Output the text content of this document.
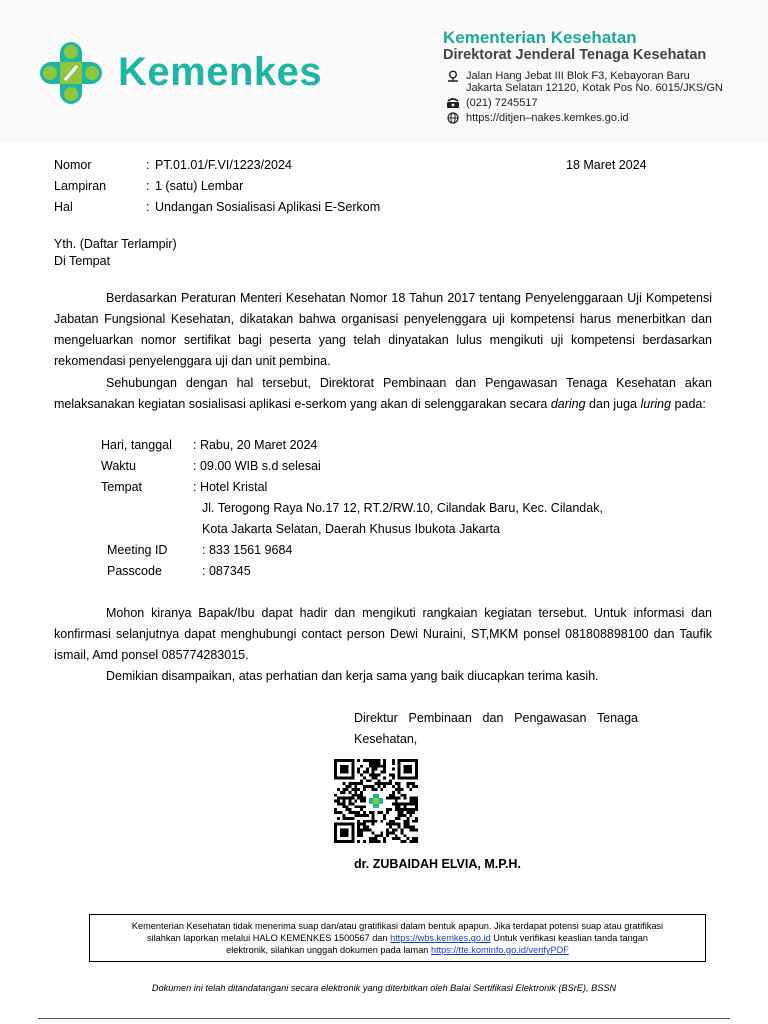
Kemenkes
Kementerian Kesehatan
Direktorat Jenderal Tenaga Kesehatan
Jalan Hang Jebat III Blok F3, Kebayoran Baru
Jakarta Selatan 12120, Kotak Pos No. 6015/JKS/GN
(021) 7245517
https://ditjen–nakes.kemkes.go.id
Nomor	: PT.01.01/F.VI/1223/2024	18 Maret 2024
Lampiran	: 1 (satu) Lembar
Hal	: Undangan Sosialisasi Aplikasi E-Serkom
Yth. (Daftar Terlampir)
Di Tempat
Berdasarkan Peraturan Menteri Kesehatan Nomor 18 Tahun 2017 tentang Penyelenggaraan Uji Kompetensi Jabatan Fungsional Kesehatan, dikatakan bahwa organisasi penyelenggara uji kompetensi harus menerbitkan dan mengeluarkan nomor sertifikat bagi peserta yang telah dinyatakan lulus mengikuti uji kompetensi berdasarkan rekomendasi penyelenggara uji dan unit pembina.
Sehubungan dengan hal tersebut, Direktorat Pembinaan dan Pengawasan Tenaga Kesehatan akan melaksanakan kegiatan sosialisasi aplikasi e-serkom yang akan di selenggarakan secara daring dan juga luring pada:
Hari, tanggal : Rabu, 20 Maret 2024
Waktu	: 09.00 WIB s.d selesai
Tempat	: Hotel Kristal
Jl. Terogong Raya No.17 12, RT.2/RW.10, Cilandak Baru, Kec. Cilandak,
Kota Jakarta Selatan, Daerah Khusus Ibukota Jakarta
Meeting ID	: 833 1561 9684
Passcode	: 087345
Mohon kiranya Bapak/Ibu dapat hadir dan mengikuti rangkaian kegiatan tersebut. Untuk informasi dan konfirmasi selanjutnya dapat menghubungi contact person Dewi Nuraini, ST,MKM ponsel 081808898100 dan Taufik ismail, Amd ponsel 085774283015.
Demikian disampaikan, atas perhatian dan kerja sama yang baik diucapkan terima kasih.
Direktur Pembinaan dan Pengawasan Tenaga
Kesehatan,
dr. ZUBAIDAH ELVIA, M.P.H.
Kementerian Kesehatan tidak menerima suap dan/atau gratifikasi dalam bentuk apapun. Jika terdapat potensi suap atau gratifikasi
silahkan laporkan melalui HALO KEMENKES 1500567 dan https://wbs.kemkes.go.id Untuk verifikasi keaslian tanda tangan
elektronik, silahkan unggah dokumen pada laman https://tte.kominfo.go.id/verifyPDF
Dokumen ini telah ditandatangani secara elektronik yang diterbitkan oleh Balai Sertifikasi Elektronik (BSrE), BSSN
